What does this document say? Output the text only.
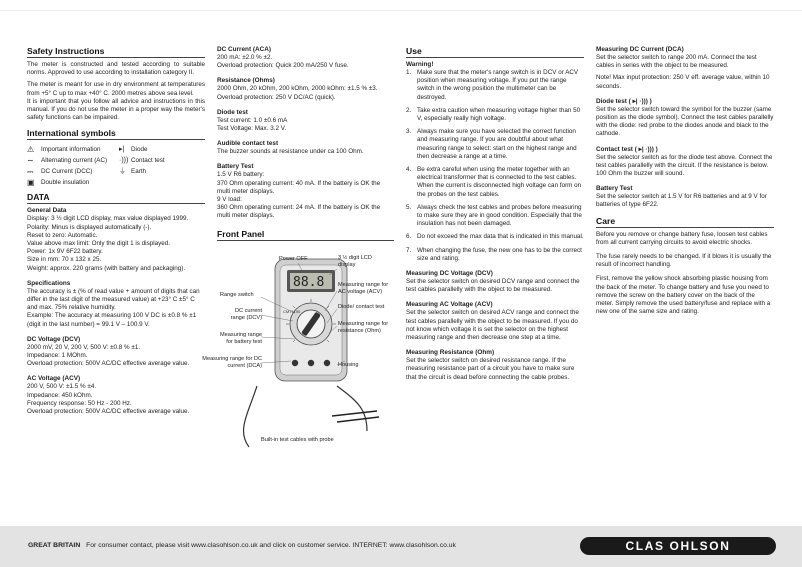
Safety Instructions

The meter is constructed and tested according to suitable norms. Approved to use according to installation category II.

The meter is meant for use in dry environment at temperatures from +5° C up to max +40° C. 2000 metres above sea level.

It is important that you follow all advice and instructions in this manual. If you do not use the meter in a proper way the meter's safety functions can be impaired.

International symbols
⚠	Important information	▸|	Diode
∼	Alternating current (AC)	·))) Contact test
⎓	DC Current (DCC)	⏚ Earth
▣	Double insulation
DATA
General Data

Display: 3 ½ digit LCD display, max value displayed 1999.

Polarity: Minus is displayed automatically (-).

Reset to zero: Automatic.

Value above max limit: Only the digit 1 is displayed.

Power: 1x 9V 6F22 battery.

Size in mm: 70 x 132 x 25.

Weight: approx. 220 grams (with battery and packaging).

Specifications

The accuracy is ± (% of read value + amount of digits that can differ in the last digit of the measured value) at +23° C ±5° C and max. 75% relative humidity.

Example: The accuracy at measuring 100 V DC is ±0.8 % ±1 (digit in the last number) = 99.1 V – 100.9 V.

DC Voltage (DCV)

2000 mV, 20 V, 200 V, 500 V: ±0.8 % ±1.

Impedance: 1 MOhm.

Overload protection: 500V AC/DC effective average value.

AC Voltage (ACV)

200 V, 500 V: ±1.5 % ±4.

Impedance: 450 kOhm.

Frequency response: 50 Hz - 200 Hz.

Overload protection: 500V AC/DC effective average value.

DC Current (ACA)

200 mA: ±2.0 % ±2.

Overload protection: Quick 200 mA/250 V fuse.

Resistance (Ohms)

2000 Ohm, 20 kOhm, 200 kOhm, 2000 kOhm: ±1.5 % ±3.

Overload protection: 250 V DC/AC (quick).

Diode test

Test current: 1.0 ±0.6 mA

Test Voltage: Max. 3.2 V.

Audible contact test

The buzzer sounds at resistance under ca 100 Ohm.

Battery Test

1.5 V R6 battery:

370 Ohm operating current: 40 mA. If the battery is OK the multi meter displays.

9 V load:

360 Ohm operating current: 24 mA. If the battery is OK the multi meter displays.

Front Panel
88.8
CMT1100
Power OFF	3 ½ digit LCD display
Range switch
Measuring range for AC voltage (ACV)
DC current range (DCV)
Diode/ contact test
Measuring range for resistance (Ohm)
Measuring range for battery test
Housing
Measuring range for DC current (DCA)
Built-in test cables with probe
Use
Warning!
1. Make sure that the meter's range switch is in DCV or ACV position when measuring voltage. If you put the range switch in the wrong position the multimeter can be destroyed.
2. Take extra caution when measuring voltage higher than 50 V, especially really high voltage.
3. Always make sure you have selected the correct function and measuring range. If you are doubtful about what measuring range to select: start on the highest range and then decrease a range at a time.
4. Be extra careful when using the meter together with an electrical transformer that is connected to the test cables. When the current is disconnected high voltage can form on the probes on the test cables.
5. Always check the test cables and probes before measuring to make sure they are in good condition. Especially that the insulation has not been damaged.
6. Do not exceed the max data that is indicated in this manual.
7. When changing the fuse, the new one has to be the correct size and rating.
Measuring DC Voltage (DCV)

Set the selector switch on desired DCV range and connect the test cables parallelly with the object to be measured.

Measuring AC Voltage (ACV)

Set the selector switch on desired ACV range and connect the test cables parallelly with the object to be measured. If you do not know which voltage it is set the selector on the highest measuring range and then decrease one step at a time.

Measuring Resistance (Ohm)

Set the selector switch on desired resistance range. If the measuring resistance part of a circuit you have to make sure that the circuit is dead before connecting the cable probes.

Measuring DC Current (DCA)

Set the selector switch to range 200 mA. Connect the test cables in series with the object to be measured.

Note! Max input protection: 250 V eff. average value, within 10 seconds.

Diode test ( ▸| ·))) )

Set the selector switch toward the symbol for the buzzer (same position as the diode symbol). Connect the test cables parallelly with the diode: red probe to the diodes anode and black to the cathode.

Contact test ( ▸| ·))) )

Set the selector switch as for the diode test above. Connect the test cables parallelly with the circuit. If the resistance is below. 100 Ohm the buzzer will sound.

Battery Test

Set the selector switch at 1.5 V for R6 batteries and at 9 V for batteries of type 6F22.

Care

Before you remove or change battery fuse, loosen test cables from all current carrying circuits to avoid electric shocks.

The fuse rarely needs to be changed. If it blows it is usually the result of incorrect handling.

First, remove the yellow shock absorbing plastic housing from the back of the meter. To change battery and fuse you need to remove the screw on the battery cover on the back of the meter. Simply remove the used battery/fuse and replace with a new one of the same size and rating.

GREAT BRITAIN For consumer contact, please visit www.clasohlson.co.uk and click on customer service. INTERNET: www.clasohlson.co.uk	CLAS OHLSON
